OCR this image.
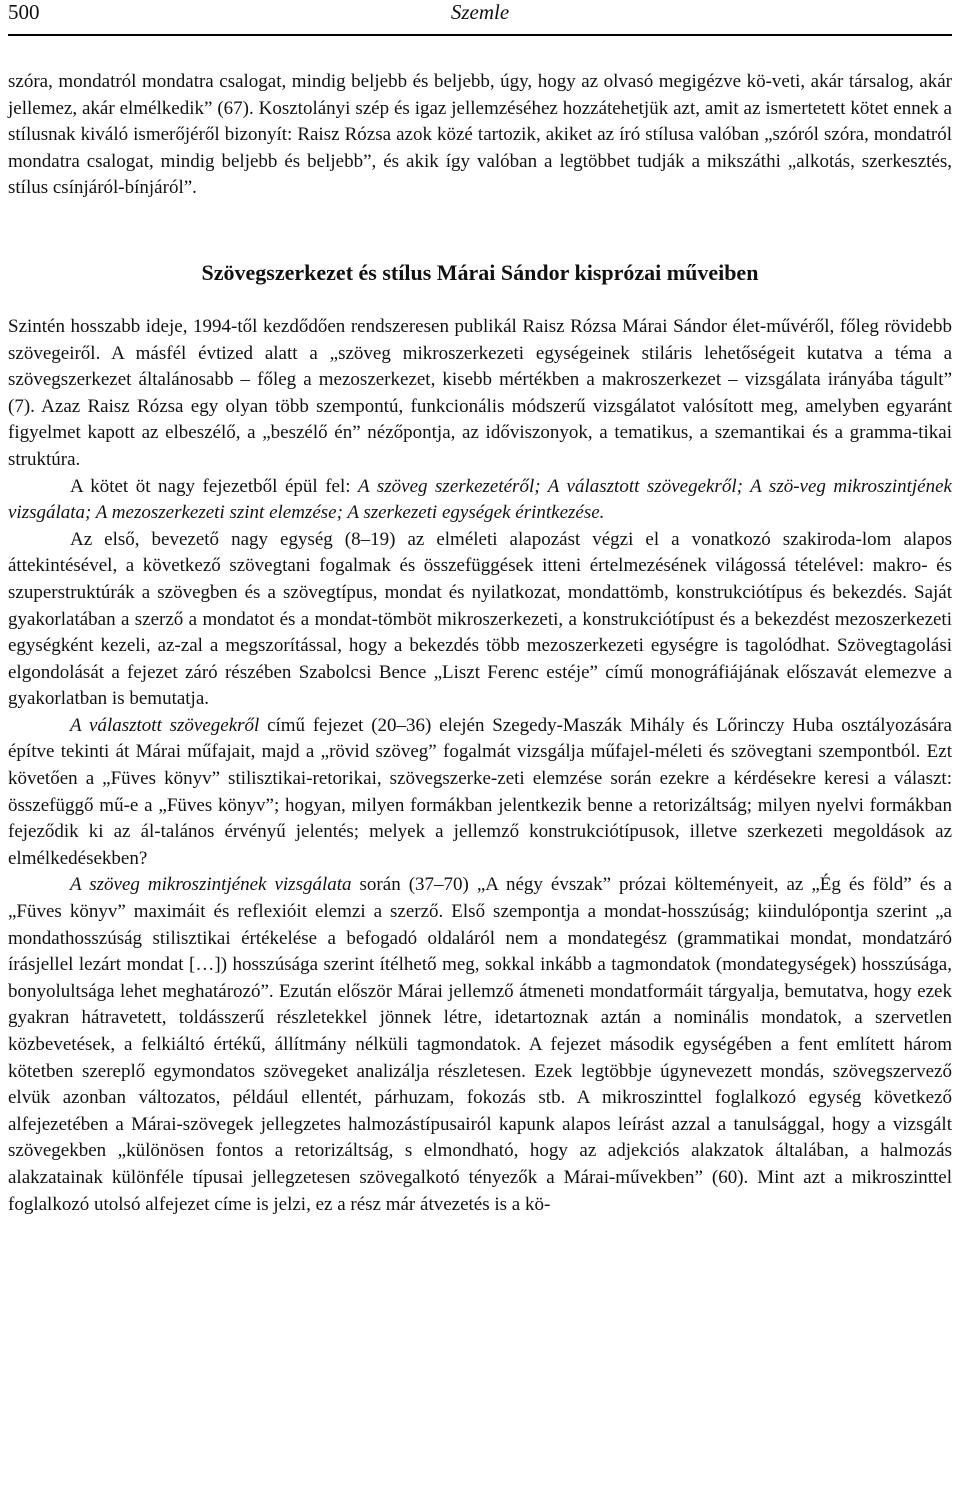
500	Szemle

szóra, mondatról mondatra csalogat, mindig beljebb és beljebb, úgy, hogy az olvasó megigézve kö-veti, akár társalog, akár jellemez, akár elmélkedik” (67). Kosztolányi szép és igaz jellemzéséhez hozzátehetjük azt, amit az ismertetett kötet ennek a stílusnak kiváló ismerőjéről bizonyít: Raisz Rózsa azok közé tartozik, akiket az író stílusa valóban „szóról szóra, mondatról mondatra csalogat, mindig beljebb és beljebb”, és akik így valóban a legtöbbet tudják a mikszáthi „alkotás, szerkesztés, stílus csínjáról-bínjáról”.

Szövegszerkezet és stílus Márai Sándor kisprózai műveiben

Szintén hosszabb ideje, 1994-től kezdődően rendszeresen publikál Raisz Rózsa Márai Sándor élet-művéről, főleg rövidebb szövegeiről. A másfél évtized alatt a „szöveg mikroszerkezeti egységeinek stiláris lehetőségeit kutatva a téma a szövegszerkezet általánosabb – főleg a mezoszerkezet, kisebb mértékben a makroszerkezet – vizsgálata irányába tágult” (7). Azaz Raisz Rózsa egy olyan több szempontú, funkcionális módszerű vizsgálatot valósított meg, amelyben egyaránt figyelmet kapott az elbeszélő, a „beszélő én” nézőpontja, az időviszonyok, a tematikus, a szemantikai és a gramma-tikai struktúra.

A kötet öt nagy fejezetből épül fel: A szöveg szerkezetéről; A választott szövegekről; A szö-veg mikroszintjének vizsgálata; A mezoszerkezeti szint elemzése; A szerkezeti egységek érintkezése.

Az első, bevezető nagy egység (8–19) az elméleti alapozást végzi el a vonatkozó szakiroda-lom alapos áttekintésével, a következő szövegtani fogalmak és összefüggések itteni értelmezésének világossá tételével: makro- és szuperstruktúrák a szövegben és a szövegtípus, mondat és nyilatkozat, mondattömb, konstrukciótípus és bekezdés. Saját gyakorlatában a szerző a mondatot és a mondat-tömböt mikroszerkezeti, a konstrukciótípust és a bekezdést mezoszerkezeti egységként kezeli, az-zal a megszorítással, hogy a bekezdés több mezoszerkezeti egységre is tagolódhat. Szövegtagolási elgondolását a fejezet záró részében Szabolcsi Bence „Liszt Ferenc estéje” című monográfiájának előszavát elemezve a gyakorlatban is bemutatja.

A választott szövegekről című fejezet (20–36) elején Szegedy-Maszák Mihály és Lőrinczy Huba osztályozására építve tekinti át Márai műfajait, majd a „rövid szöveg” fogalmát vizsgálja műfajel-méleti és szövegtani szempontból. Ezt követően a „Füves könyv” stilisztikai-retorikai, szövegszerke-zeti elemzése során ezekre a kérdésekre keresi a választ: összefüggő mű-e a „Füves könyv”; hogyan, milyen formákban jelentkezik benne a retorizáltság; milyen nyelvi formákban fejeződik ki az ál-talános érvényű jelentés; melyek a jellemző konstrukciótípusok, illetve szerkezeti megoldások az elmélkedésekben?

A szöveg mikroszintjének vizsgálata során (37–70) „A négy évszak” prózai költeményeit, az „Ég és föld” és a „Füves könyv” maximáit és reflexióit elemzi a szerző. Első szempontja a mondat-hosszúság; kiindulópontja szerint „a mondathosszúság stilisztikai értékelése a befogadó oldaláról nem a mondategész (grammatikai mondat, mondatzáró írásjellel lezárt mondat […]) hosszúsága szerint ítélhető meg, sokkal inkább a tagmondatok (mondategységek) hosszúsága, bonyolultsága lehet meghatározó”. Ezután először Márai jellemző átmeneti mondatformáit tárgyalja, bemutatva, hogy ezek gyakran hátravetett, toldásszerű részletekkel jönnek létre, idetartoznak aztán a nominális mondatok, a szervetlen közbevetések, a felkiáltó értékű, állítmány nélküli tagmondatok. A fejezet második egységében a fent említett három kötetben szereplő egymondatos szövegeket analizálja részletesen. Ezek legtöbbje úgynevezett mondás, szövegszervező elvük azonban változatos, például ellentét, párhuzam, fokozás stb. A mikroszinttel foglalkozó egység következő alfejezetében a Márai-szövegek jellegzetes halmozástípusairól kapunk alapos leírást azzal a tanulsággal, hogy a vizsgált szövegekben „különösen fontos a retorizáltság, s elmondható, hogy az adjekciós alakzatok általában, a halmozás alakzatainak különféle típusai jellegzetesen szövegalkotó tényezők a Márai-művekben” (60). Mint azt a mikroszinttel foglalkozó utolsó alfejezet címe is jelzi, ez a rész már átvezetés is a kö-
